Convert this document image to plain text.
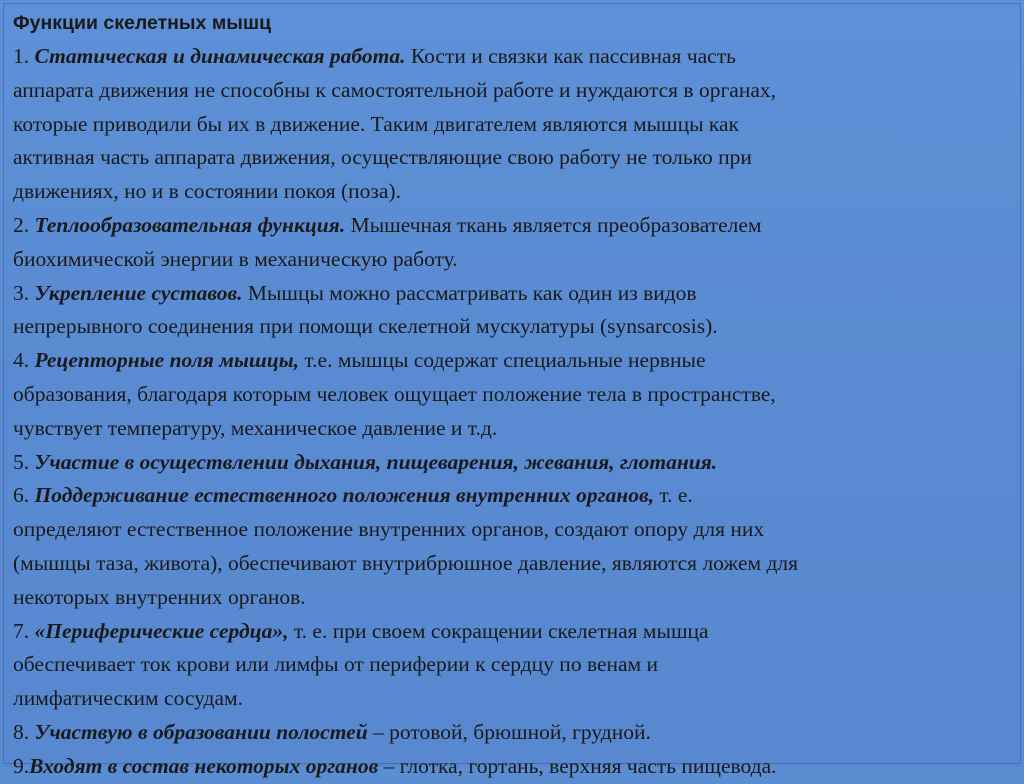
Функции скелетных мышц
1. Статическая и динамическая работа. Кости и связки как пассивная часть
аппарата движения не способны к самостоятельной работе и нуждаются в органах,
которые приводили бы их в движение. Таким двигателем являются мышцы как
активная часть аппарата движения, осуществляющие свою работу не только при
движениях, но и в состоянии покоя (поза).
2. Теплообразовательная функция. Мышечная ткань является преобразователем
биохимической энергии в механическую работу.
3. Укрепление суставов. Мышцы можно рассматривать как один из видов
непрерывного соединения при помощи скелетной мускулатуры (synsarcosis).
4. Рецепторные поля мышцы, т.е. мышцы содержат специальные нервные
образования, благодаря которым человек ощущает положение тела в пространстве,
чувствует температуру, механическое давление и т.д.
5. Участие в осуществлении дыхания, пищеварения, жевания, глотания.
6. Поддерживание естественного положения внутренних органов, т. е.
определяют естественное положение внутренних органов, создают опору для них
(мышцы таза, живота), обеспечивают внутрибрюшное давление, являются ложем для
некоторых внутренних органов.
7. «Периферические сердца», т. е. при своем сокращении скелетная мышца
обеспечивает ток крови или лимфы от периферии к сердцу по венам и
лимфатическим сосудам.
8. Участвую в образовании полостей – ротовой, брюшной, грудной.
9.Входят в состав некоторых органов – глотка, гортань, верхняя часть пищевода.
